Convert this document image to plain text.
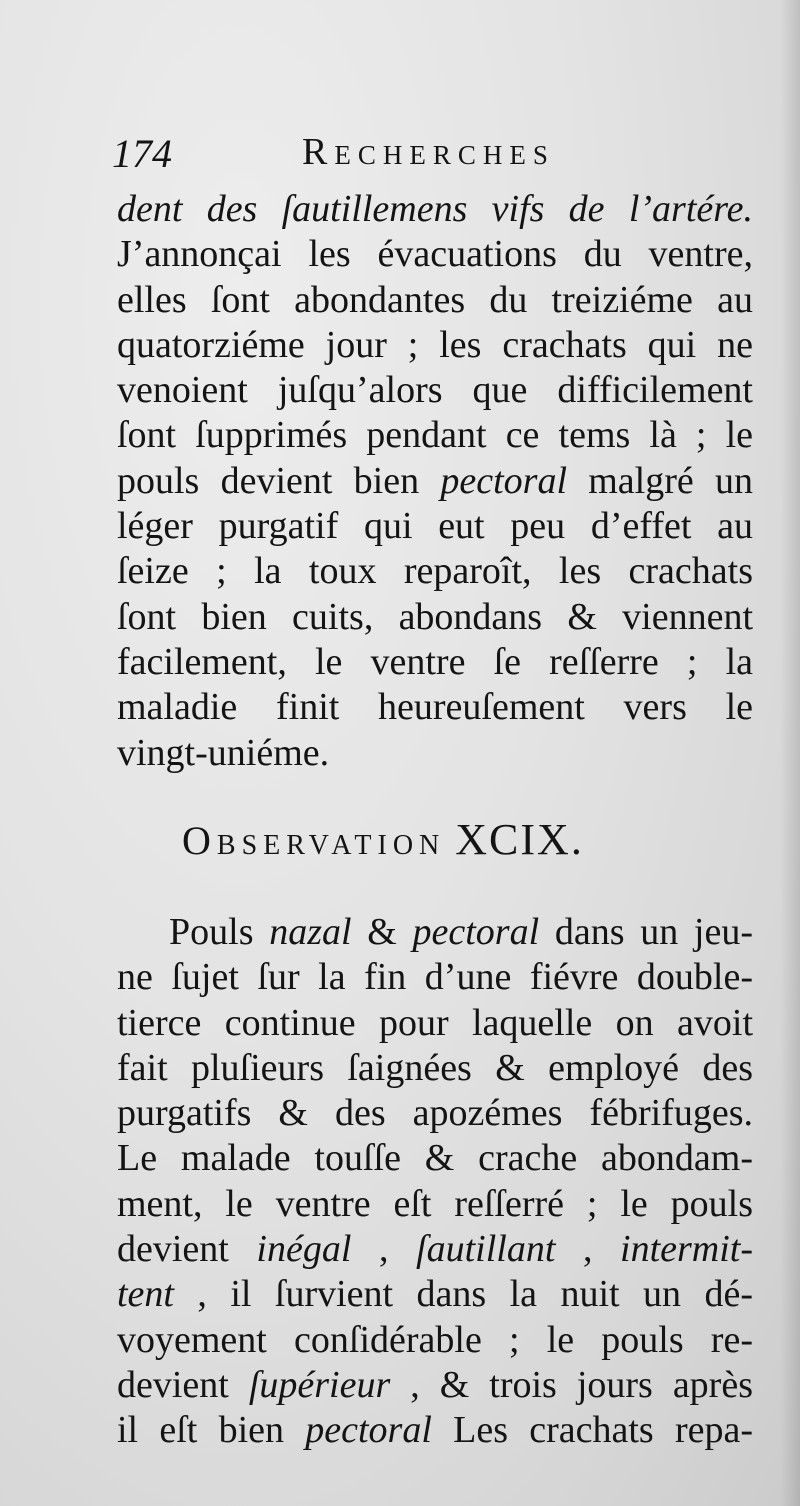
174	Recherches
dent des ſautillemens vifs de l’artére.
J’annonçai les évacuations du ventre,
elles ſont abondantes du treiziéme au
quatorziéme jour ; les crachats qui ne
venoient juſqu’alors que difficilement
ſont ſupprimés pendant ce tems là ; le
pouls devient bien pectoral malgré un
léger purgatif qui eut peu d’effet au
ſeize ; la toux reparoît, les crachats
ſont bien cuits, abondans & viennent
facilement, le ventre ſe reſſerre ; la
maladie finit heureuſement vers le
vingt-uniéme.
Observation XCIX.
Pouls nazal & pectoral dans un jeu-
ne ſujet ſur la fin d’une fiévre double-
tierce continue pour laquelle on avoit
fait pluſieurs ſaignées & employé des
purgatifs & des apozémes fébrifuges.
Le malade touſſe & crache abondam-
ment, le ventre eſt reſſerré ; le pouls
devient inégal , ſautillant , intermit-
tent , il ſurvient dans la nuit un dé-
voyement conſidérable ; le pouls re-
devient ſupérieur , & trois jours après
il eſt bien pectoral Les crachats repa-
